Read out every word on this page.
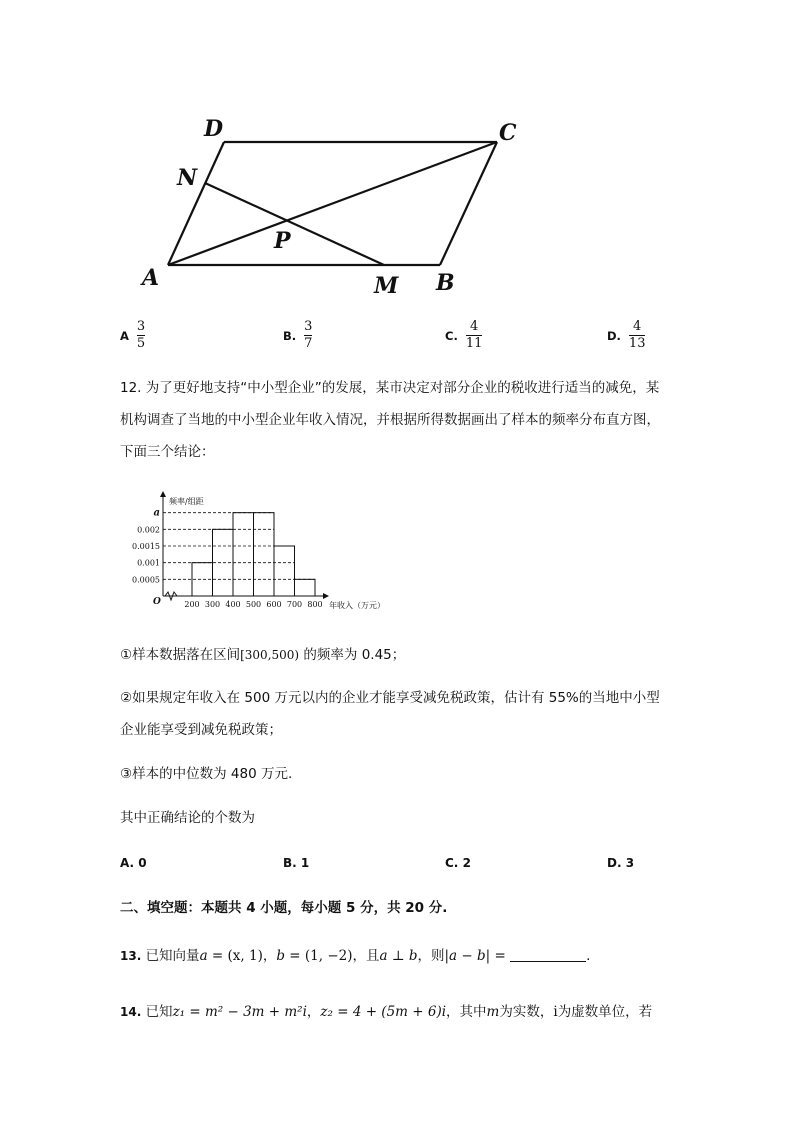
A	B
C
D
M
N
P
A $\frac{3}{5}$	B. $\frac{3}{7}$	C. $\frac{4}{11}$	D. $\frac{4}{13}$
12. 为了更好地支持“中小型企业”的发展，某市决定对部分企业的税收进行适当的减免，某
机构调查了当地的中小型企业年收入情况，并根据所得数据画出了样本的频率分布直方图，
下面三个结论：
频率/组距
年收入（万元）
O
0.0005
0.001
0.0015
0.002
a
200 300 400 500 600 700 800
①样本数据落在区间[300,500) 的频率为 0.45；
②如果规定年收入在 500 万元以内的企业才能享受减免税政策，估计有 55%的当地中小型
企业能享受到减免税政策；
③样本的中位数为 480 万元.
其中正确结论的个数为
A. 0	B. 1	C. 2	D. 3
二、填空题：本题共 4 小题，每小题 5 分，共 20 分.
13. 已知向量a = (x, 1)，b = (1, −2)，且a ⊥ b，则|a − b| =	.
14. 已知z₁ = m² − 3m + m²i，z₂ = 4 + (5m + 6)i，其中m为实数，i为虚数单位，若
